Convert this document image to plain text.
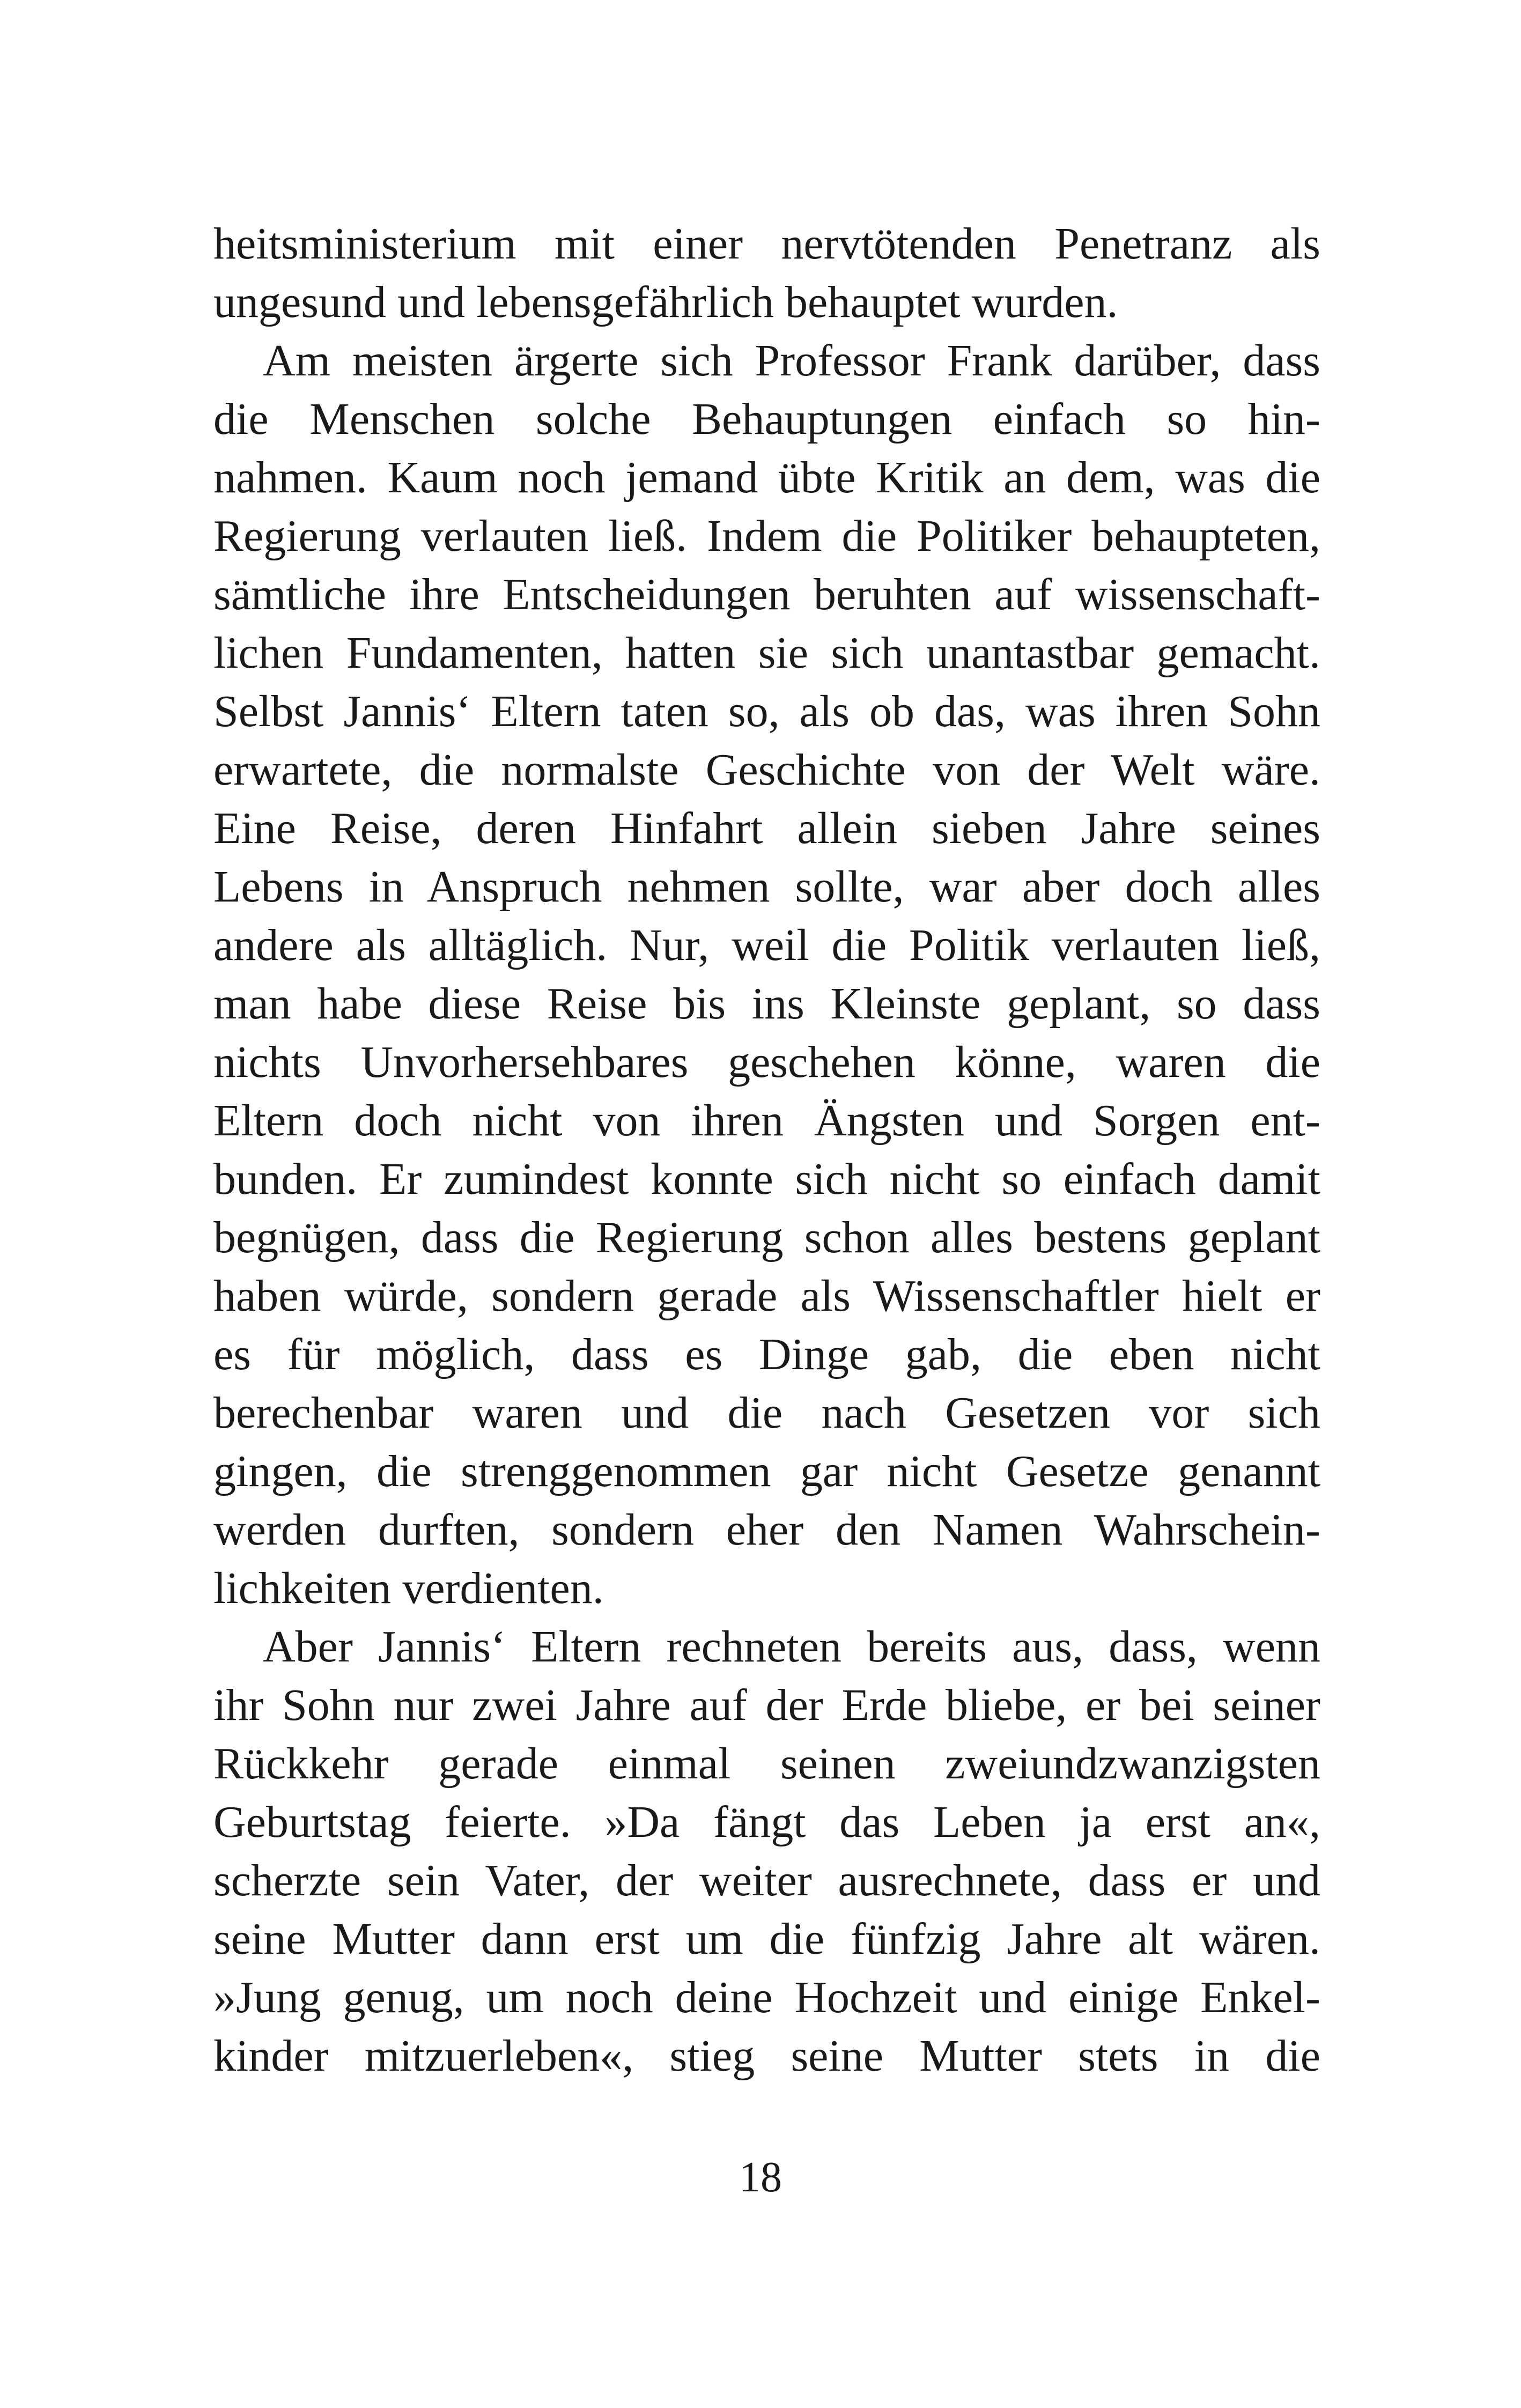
heitsministerium mit einer nervtötenden Penetranz als
ungesund und lebensgefährlich behauptet wurden.
Am meisten ärgerte sich Professor Frank darüber, dass
die Menschen solche Behauptungen einfach so hin-
nahmen. Kaum noch jemand übte Kritik an dem, was die
Regierung verlauten ließ. Indem die Politiker behaupteten,
sämtliche ihre Entscheidungen beruhten auf wissenschaft-
lichen Fundamenten, hatten sie sich unantastbar gemacht.
Selbst Jannis‘ Eltern taten so, als ob das, was ihren Sohn
erwartete, die normalste Geschichte von der Welt wäre.
Eine Reise, deren Hinfahrt allein sieben Jahre seines
Lebens in Anspruch nehmen sollte, war aber doch alles
andere als alltäglich. Nur, weil die Politik verlauten ließ,
man habe diese Reise bis ins Kleinste geplant, so dass
nichts Unvorhersehbares geschehen könne, waren die
Eltern doch nicht von ihren Ängsten und Sorgen ent-
bunden. Er zumindest konnte sich nicht so einfach damit
begnügen, dass die Regierung schon alles bestens geplant
haben würde, sondern gerade als Wissenschaftler hielt er
es für möglich, dass es Dinge gab, die eben nicht
berechenbar waren und die nach Gesetzen vor sich
gingen, die strenggenommen gar nicht Gesetze genannt
werden durften, sondern eher den Namen Wahrschein-
lichkeiten verdienten.
Aber Jannis‘ Eltern rechneten bereits aus, dass, wenn
ihr Sohn nur zwei Jahre auf der Erde bliebe, er bei seiner
Rückkehr gerade einmal seinen zweiundzwanzigsten
Geburtstag feierte. »Da fängt das Leben ja erst an«,
scherzte sein Vater, der weiter ausrechnete, dass er und
seine Mutter dann erst um die fünfzig Jahre alt wären.
»Jung genug, um noch deine Hochzeit und einige Enkel-
kinder mitzuerleben«, stieg seine Mutter stets in die
18
